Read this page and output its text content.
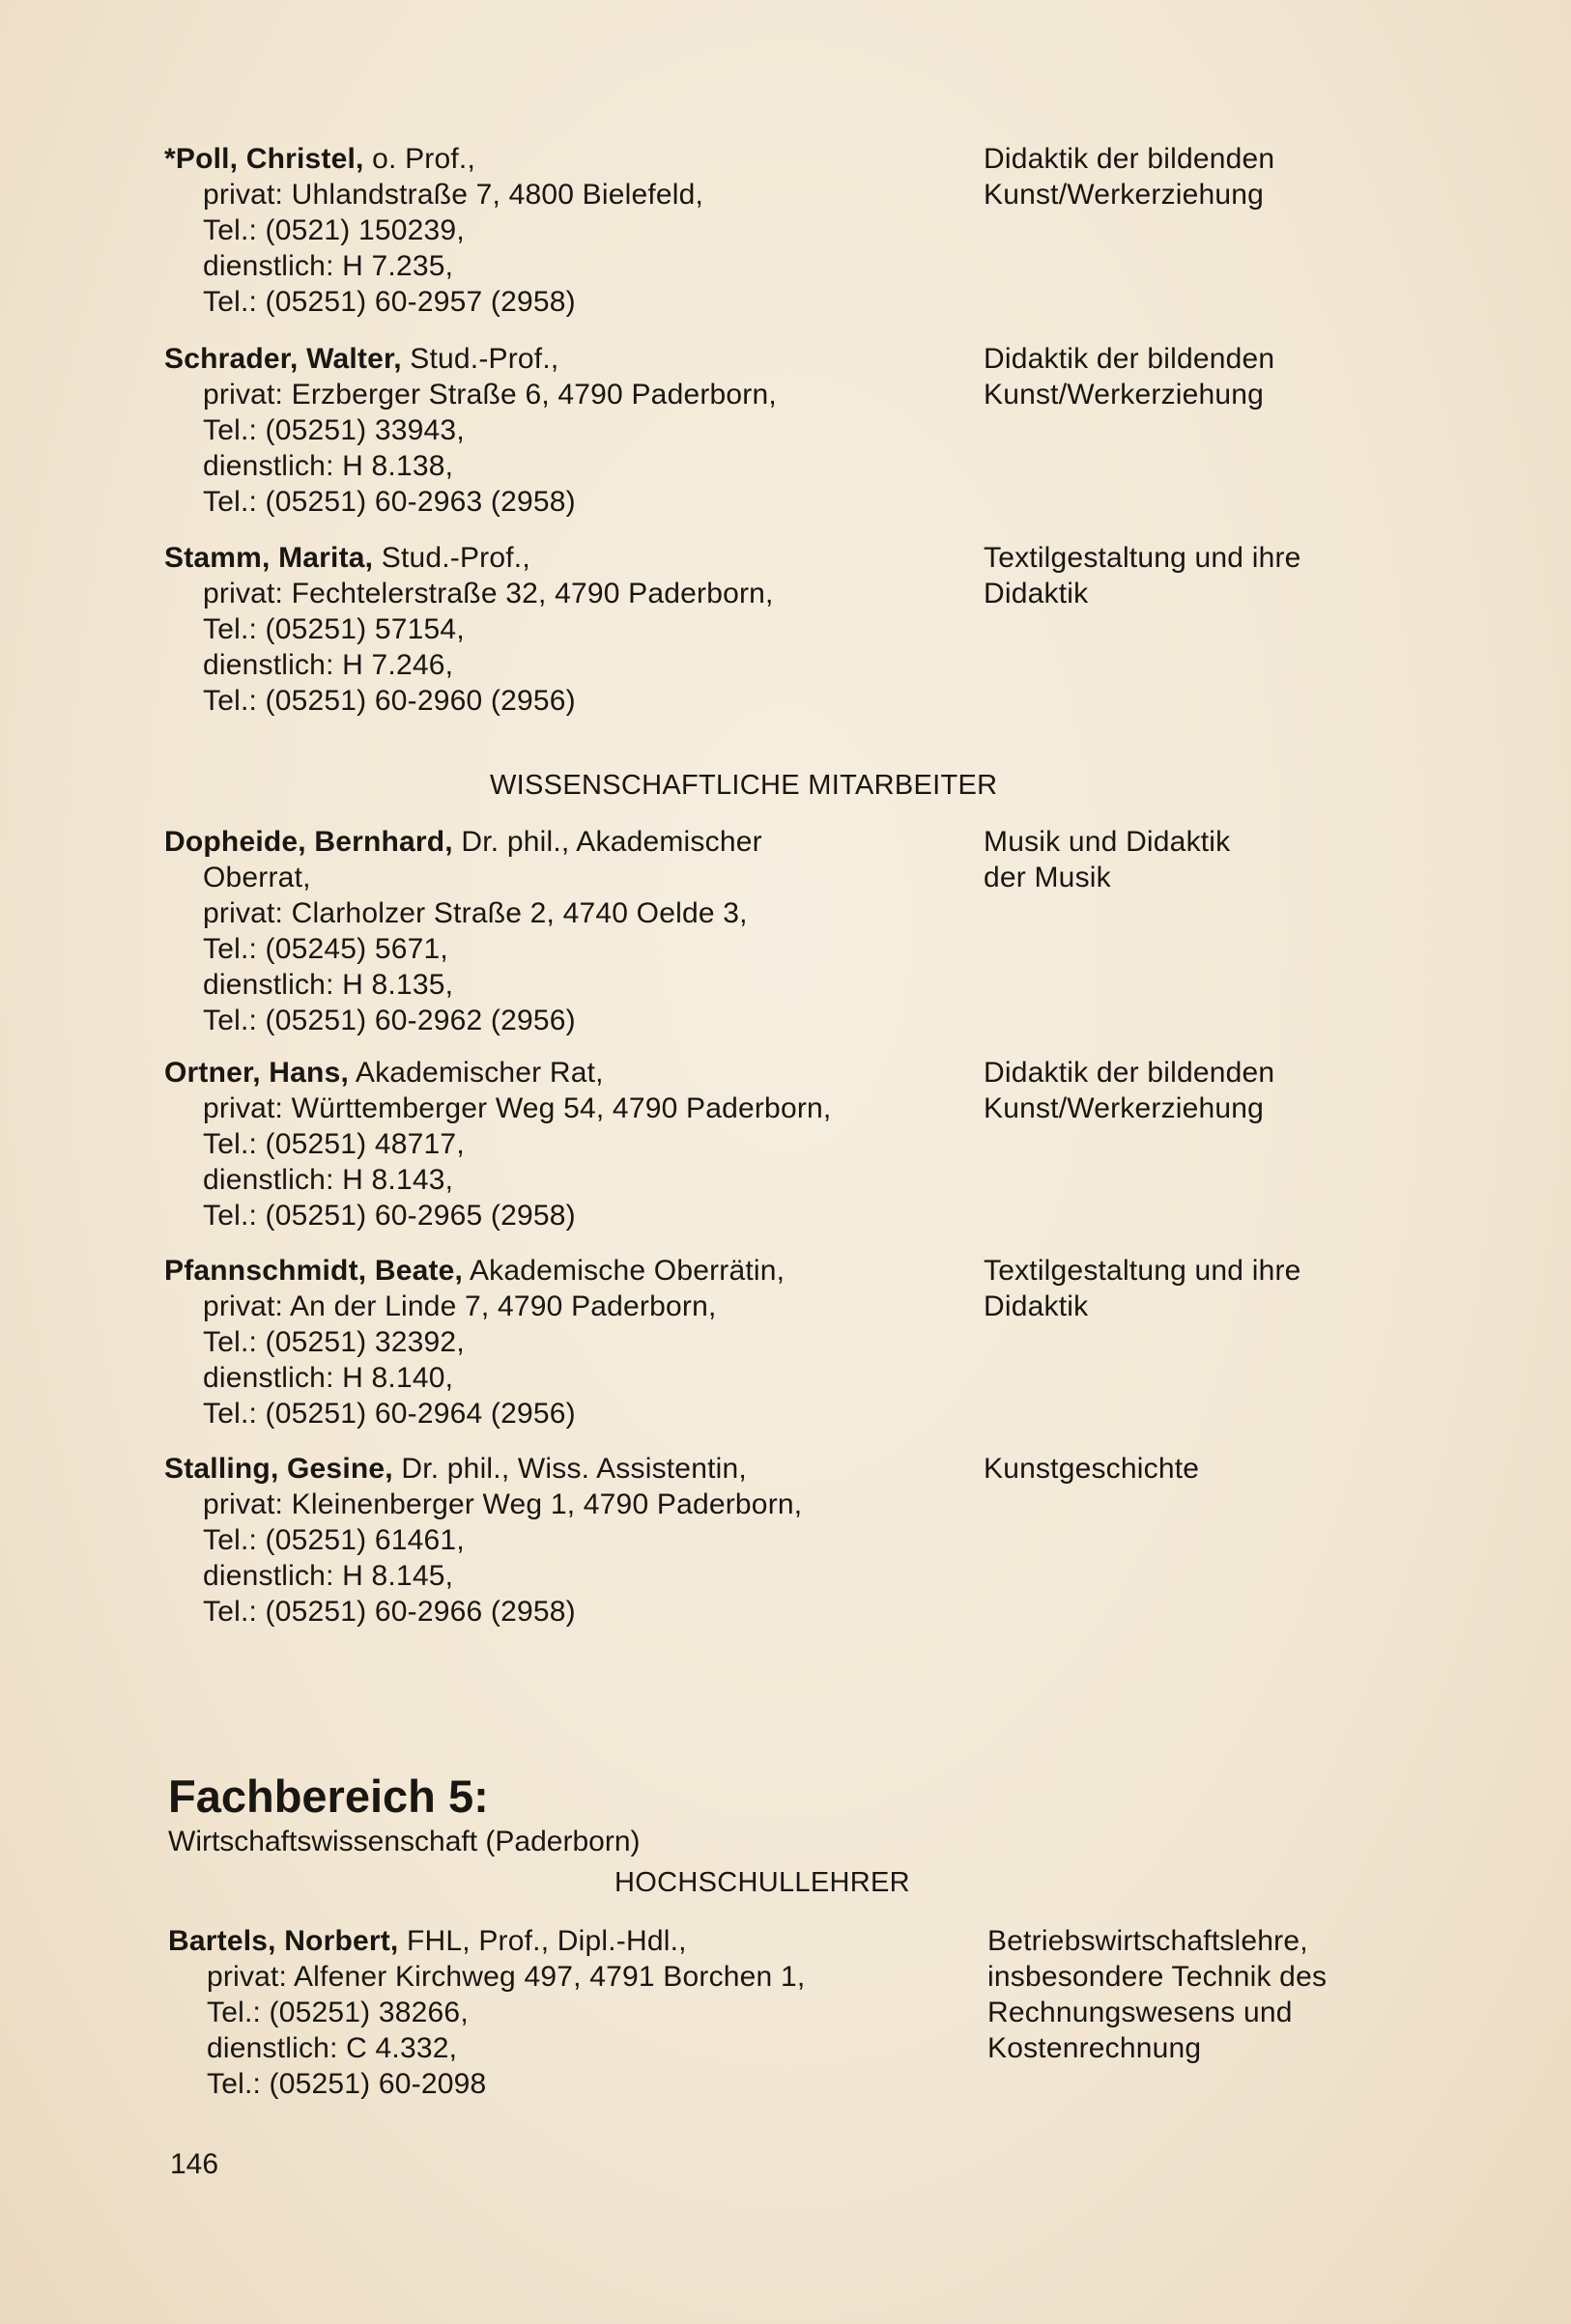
*Poll, Christel, o. Prof.,
privat: Uhlandstraße 7, 4800 Bielefeld,
Tel.: (0521) 150239,
dienstlich: H 7.235,
Tel.: (05251) 60-2957 (2958)
Didaktik der bildenden
Kunst/Werkerziehung
Schrader, Walter, Stud.-Prof.,
privat: Erzberger Straße 6, 4790 Paderborn,
Tel.: (05251) 33943,
dienstlich: H 8.138,
Tel.: (05251) 60-2963 (2958)
Didaktik der bildenden
Kunst/Werkerziehung
Stamm, Marita, Stud.-Prof.,
privat: Fechtelerstraße 32, 4790 Paderborn,
Tel.: (05251) 57154,
dienstlich: H 7.246,
Tel.: (05251) 60-2960 (2956)
Textilgestaltung und ihre
Didaktik
WISSENSCHAFTLICHE MITARBEITER
Dopheide, Bernhard, Dr. phil., Akademischer
Oberrat,
privat: Clarholzer Straße 2, 4740 Oelde 3,
Tel.: (05245) 5671,
dienstlich: H 8.135,
Tel.: (05251) 60-2962 (2956)
Musik und Didaktik
der Musik
Ortner, Hans, Akademischer Rat,
privat: Württemberger Weg 54, 4790 Paderborn,
Tel.: (05251) 48717,
dienstlich: H 8.143,
Tel.: (05251) 60-2965 (2958)
Didaktik der bildenden
Kunst/Werkerziehung
Pfannschmidt, Beate, Akademische Oberrätin,
privat: An der Linde 7, 4790 Paderborn,
Tel.: (05251) 32392,
dienstlich: H 8.140,
Tel.: (05251) 60-2964 (2956)
Textilgestaltung und ihre
Didaktik
Stalling, Gesine, Dr. phil., Wiss. Assistentin,
privat: Kleinenberger Weg 1, 4790 Paderborn,
Tel.: (05251) 61461,
dienstlich: H 8.145,
Tel.: (05251) 60-2966 (2958)
Kunstgeschichte
Fachbereich 5:
Wirtschaftswissenschaft (Paderborn)
HOCHSCHULLEHRER
Bartels, Norbert, FHL, Prof., Dipl.-Hdl.,
privat: Alfener Kirchweg 497, 4791 Borchen 1,
Tel.: (05251) 38266,
dienstlich: C 4.332,
Tel.: (05251) 60-2098
Betriebswirtschaftslehre,
insbesondere Technik des
Rechnungswesens und
Kostenrechnung
146
